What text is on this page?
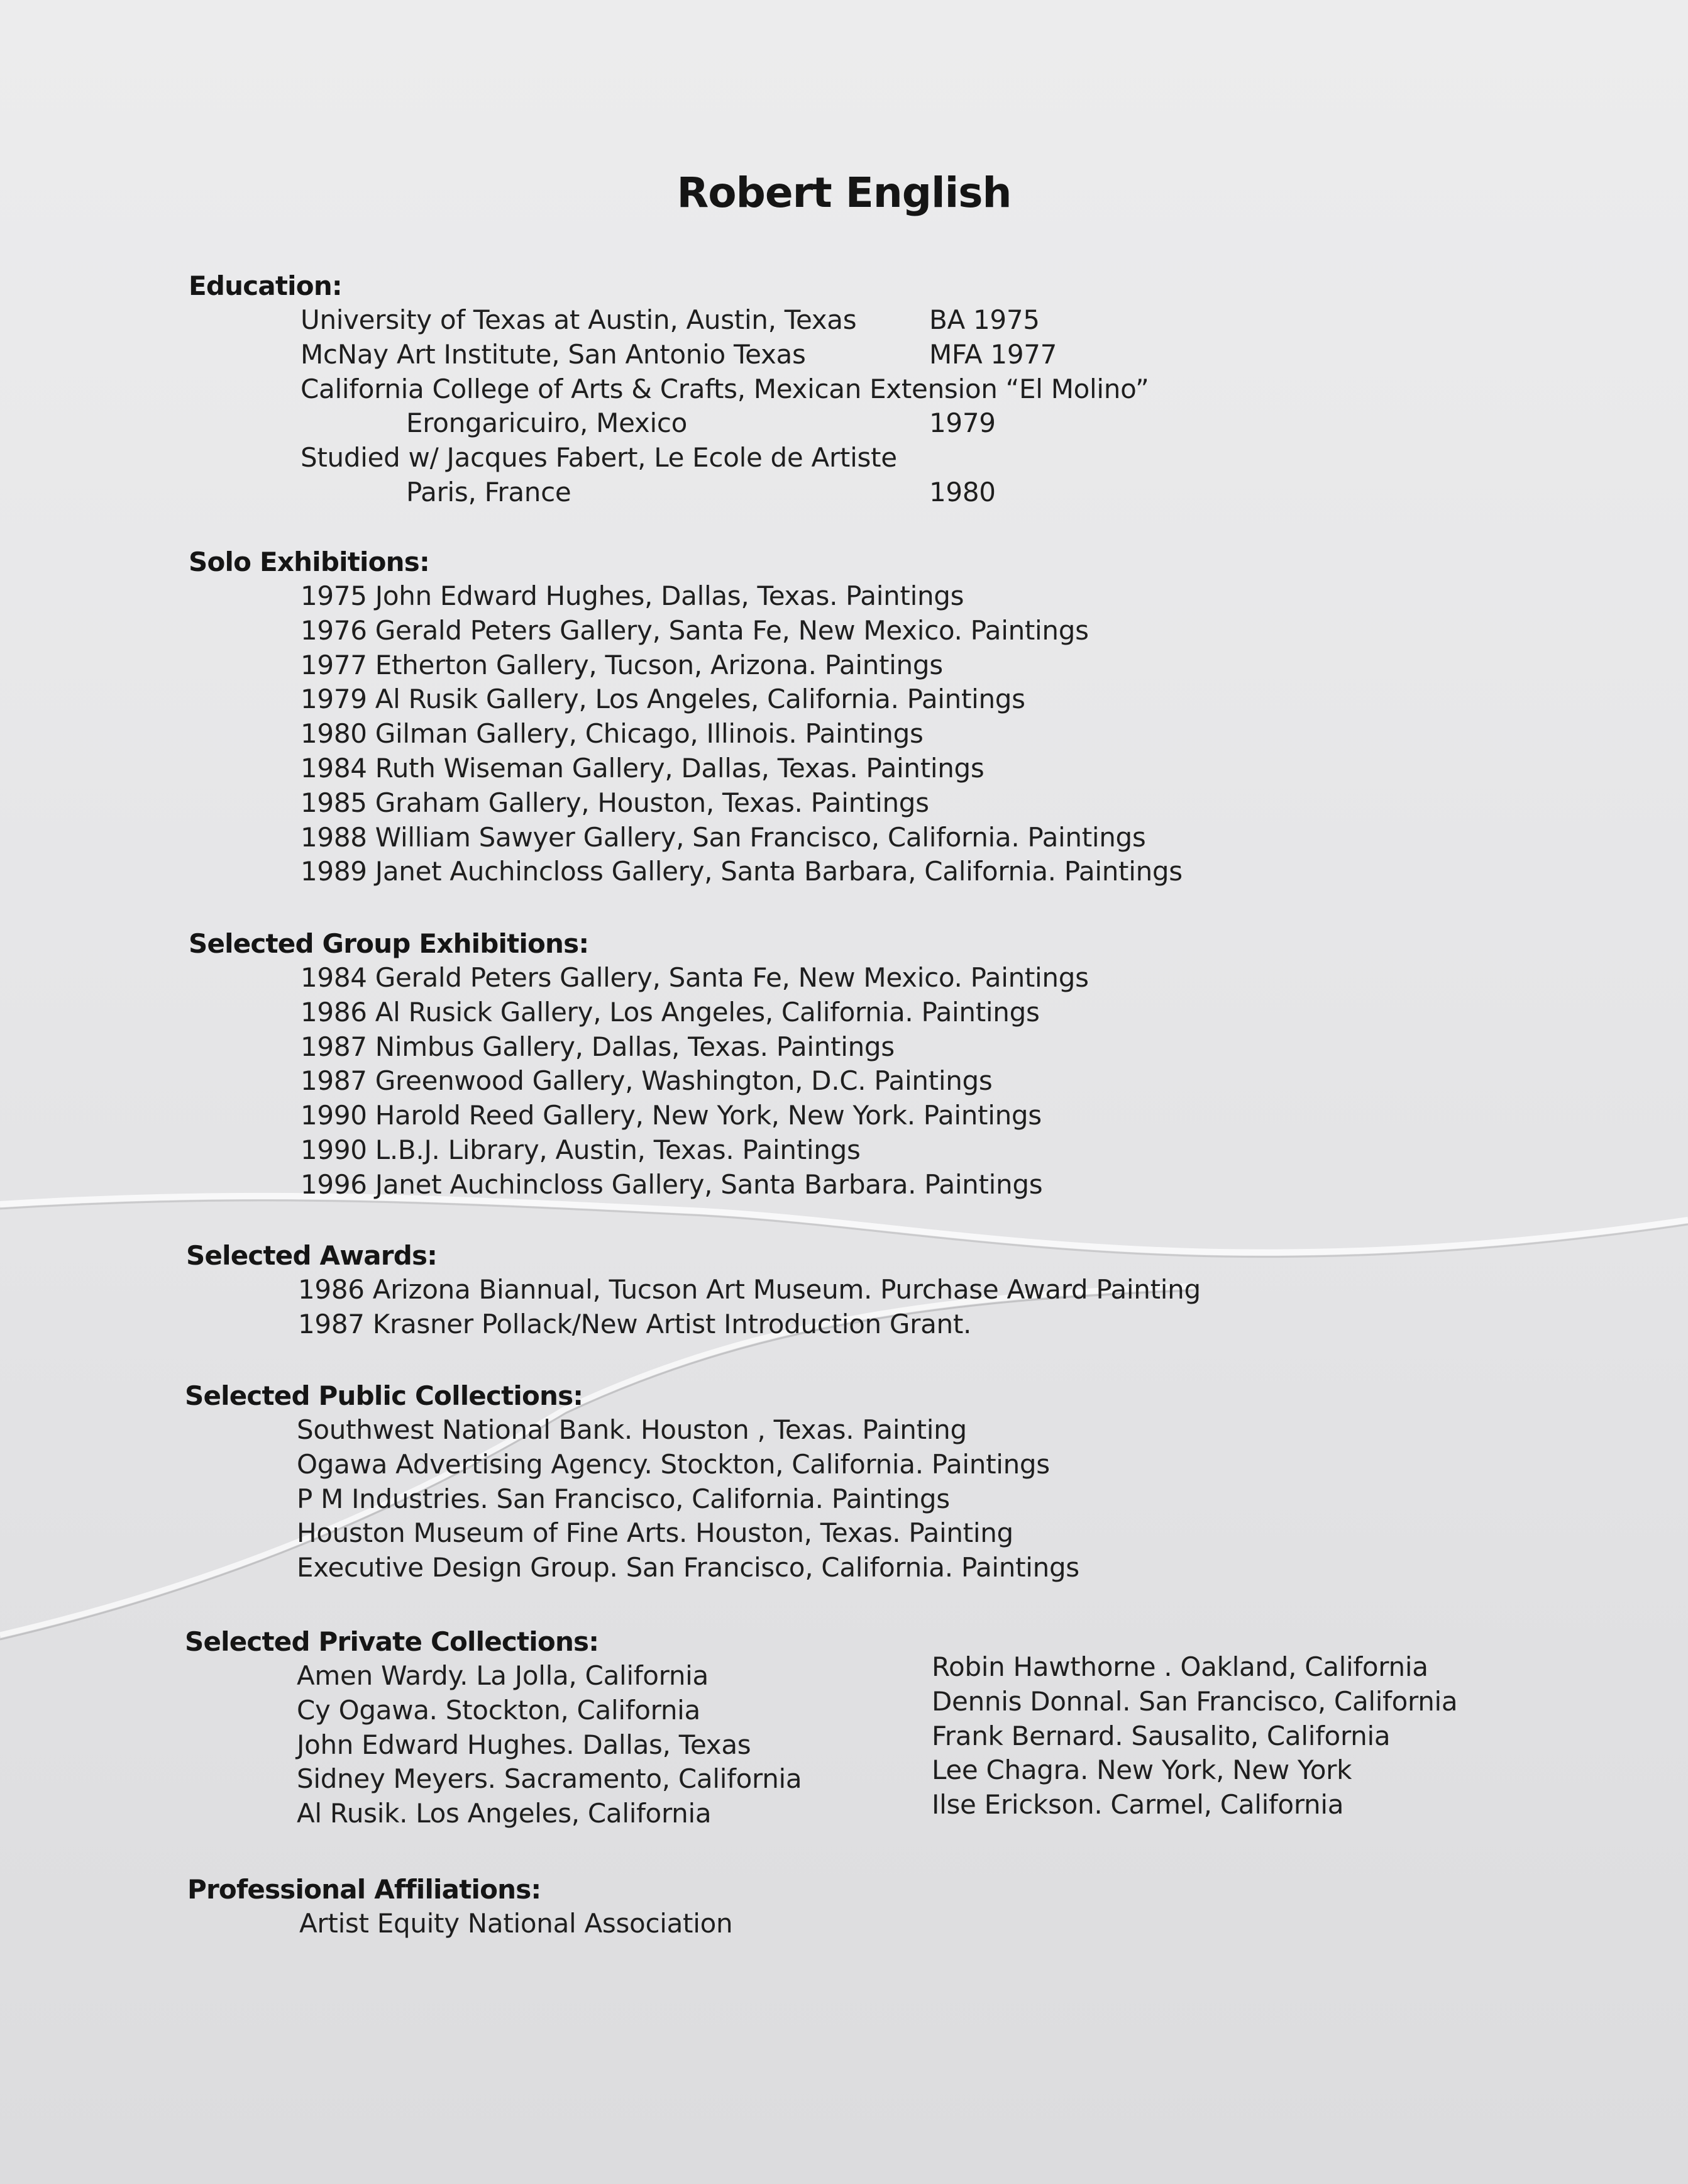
Robert English
Education:
University of Texas at Austin, Austin, Texas	BA 1975
McNay Art Institute, San Antonio Texas	MFA 1977
California College of Arts & Crafts, Mexican Extension “El Molino”
Erongaricuiro, Mexico	1979
Studied w/ Jacques Fabert, Le Ecole de Artiste
Paris, France	1980
Solo Exhibitions:
1975 John Edward Hughes, Dallas, Texas. Paintings
1976 Gerald Peters Gallery, Santa Fe, New Mexico. Paintings
1977 Etherton Gallery, Tucson, Arizona. Paintings
1979 Al Rusik Gallery, Los Angeles, California. Paintings
1980 Gilman Gallery, Chicago, Illinois. Paintings
1984 Ruth Wiseman Gallery, Dallas, Texas. Paintings
1985 Graham Gallery, Houston, Texas. Paintings
1988 William Sawyer Gallery, San Francisco, California. Paintings
1989 Janet Auchincloss Gallery, Santa Barbara, California. Paintings
Selected Group Exhibitions:
1984 Gerald Peters Gallery, Santa Fe, New Mexico. Paintings
1986 Al Rusick Gallery, Los Angeles, California. Paintings
1987 Nimbus Gallery, Dallas, Texas. Paintings
1987 Greenwood Gallery, Washington, D.C. Paintings
1990 Harold Reed Gallery, New York, New York. Paintings
1990 L.B.J. Library, Austin, Texas. Paintings
1996 Janet Auchincloss Gallery, Santa Barbara. Paintings
Selected Awards:
1986 Arizona Biannual, Tucson Art Museum. Purchase Award Painting
1987 Krasner Pollack/New Artist Introduction Grant.
Selected Public Collections:
Southwest National Bank. Houston , Texas. Painting
Ogawa Advertising Agency. Stockton, California. Paintings
P M Industries. San Francisco, California. Paintings
Houston Museum of Fine Arts. Houston, Texas. Painting
Executive Design Group. San Francisco, California. Paintings
Selected Private Collections:
Amen Wardy. La Jolla, California
Cy Ogawa. Stockton, California
John Edward Hughes. Dallas, Texas
Sidney Meyers. Sacramento, California
Al Rusik. Los Angeles, California
Robin Hawthorne . Oakland, California
Dennis Donnal. San Francisco, California
Frank Bernard. Sausalito, California
Lee Chagra. New York, New York
Ilse Erickson. Carmel, California
Professional Affiliations:
Artist Equity National Association
